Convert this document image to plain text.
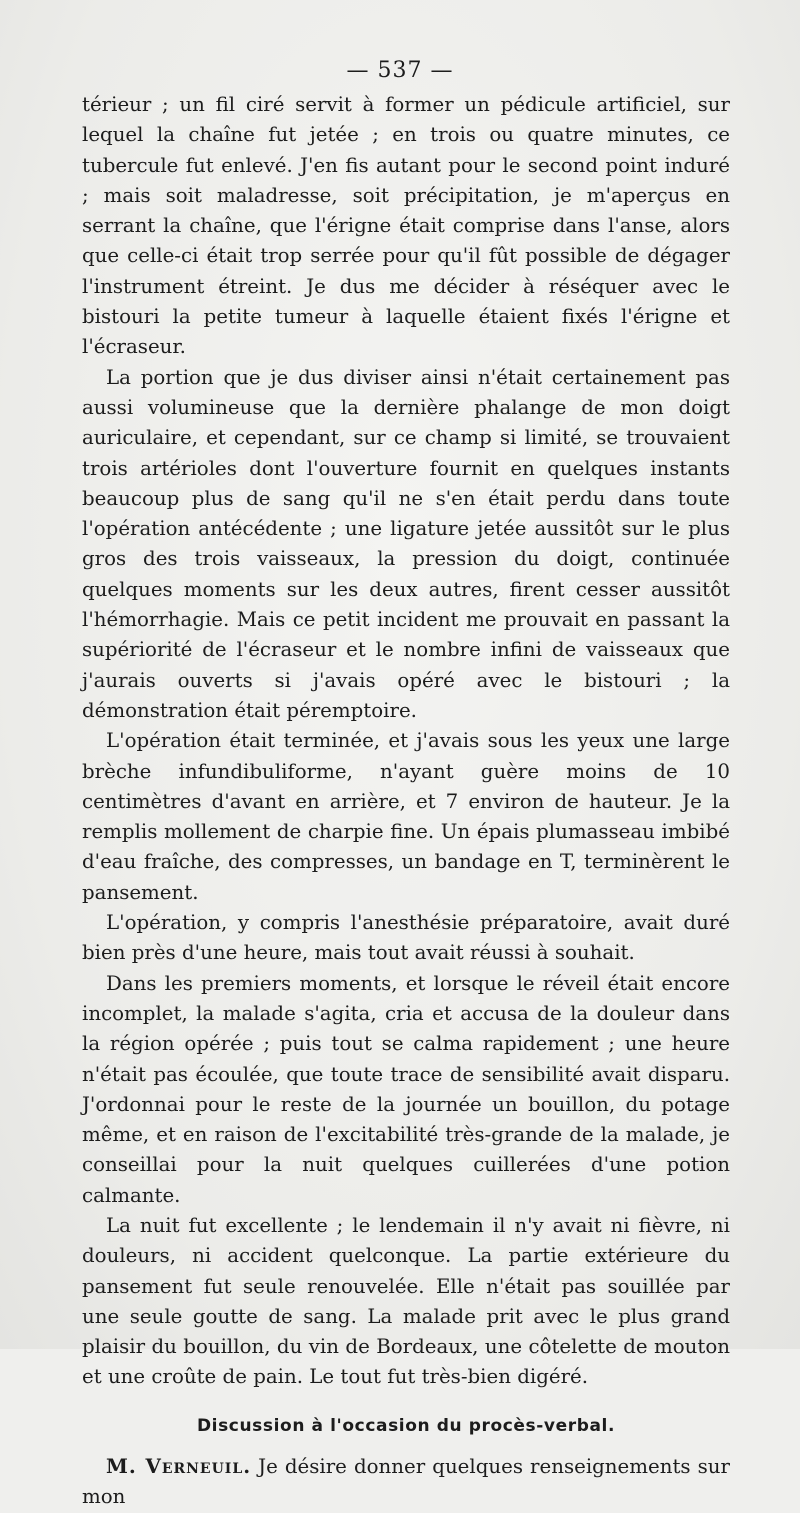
— 537 —

térieur ; un fil ciré servit à former un pédicule artificiel, sur lequel la chaîne fut jetée ; en trois ou quatre minutes, ce tubercule fut enlevé. J'en fis autant pour le second point induré ; mais soit maladresse, soit précipitation, je m'aperçus en serrant la chaîne, que l'érigne était comprise dans l'anse, alors que celle-ci était trop serrée pour qu'il fût possible de dégager l'instrument étreint. Je dus me décider à réséquer avec le bistouri la petite tumeur à laquelle étaient fixés l'érigne et l'écraseur.

La portion que je dus diviser ainsi n'était certainement pas aussi volumineuse que la dernière phalange de mon doigt auriculaire, et cependant, sur ce champ si limité, se trouvaient trois artérioles dont l'ouverture fournit en quelques instants beaucoup plus de sang qu'il ne s'en était perdu dans toute l'opération antécédente ; une ligature jetée aussitôt sur le plus gros des trois vaisseaux, la pression du doigt, continuée quelques moments sur les deux autres, firent cesser aussitôt l'hémorrhagie. Mais ce petit incident me prouvait en passant la supériorité de l'écraseur et le nombre infini de vaisseaux que j'aurais ouverts si j'avais opéré avec le bistouri ; la démonstration était péremptoire.

L'opération était terminée, et j'avais sous les yeux une large brèche infundibuliforme, n'ayant guère moins de 10 centimètres d'avant en arrière, et 7 environ de hauteur. Je la remplis mollement de charpie fine. Un épais plumasseau imbibé d'eau fraîche, des compresses, un bandage en T, terminèrent le pansement.

L'opération, y compris l'anesthésie préparatoire, avait duré bien près d'une heure, mais tout avait réussi à souhait.

Dans les premiers moments, et lorsque le réveil était encore incomplet, la malade s'agita, cria et accusa de la douleur dans la région opérée ; puis tout se calma rapidement ; une heure n'était pas écoulée, que toute trace de sensibilité avait disparu. J'ordonnai pour le reste de la journée un bouillon, du potage même, et en raison de l'excitabilité très-grande de la malade, je conseillai pour la nuit quelques cuillerées d'une potion calmante.

La nuit fut excellente ; le lendemain il n'y avait ni fièvre, ni douleurs, ni accident quelconque. La partie extérieure du pansement fut seule renouvelée. Elle n'était pas souillée par une seule goutte de sang. La malade prit avec le plus grand plaisir du bouillon, du vin de Bordeaux, une côtelette de mouton et une croûte de pain. Le tout fut très-bien digéré.

Discussion à l'occasion du procès-verbal.

M. Verneuil. Je désire donner quelques renseignements sur mon
